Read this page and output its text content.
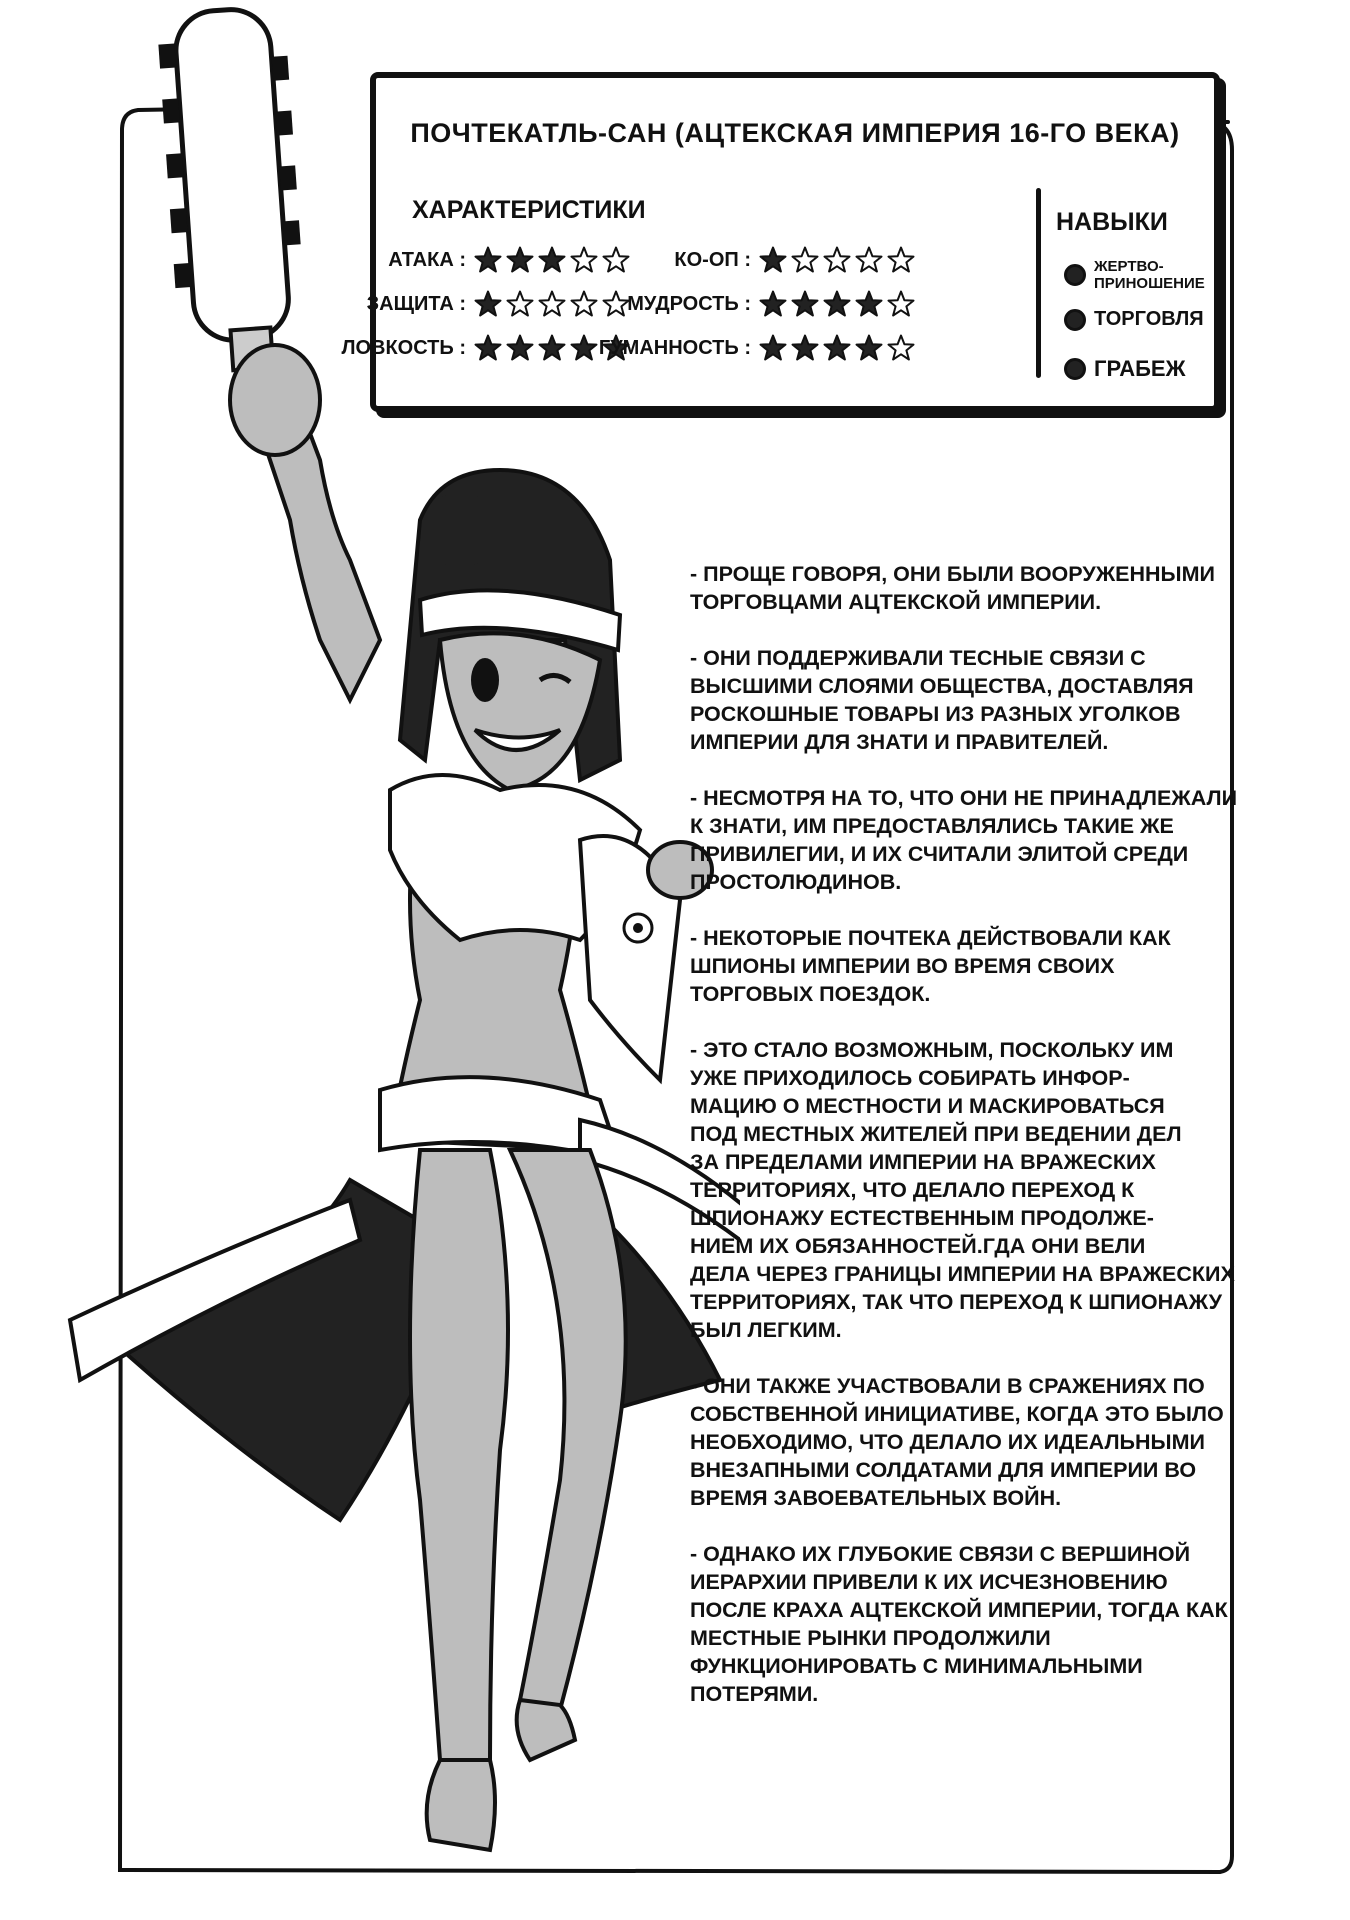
ПОЧТЕКАТЛЬ-САН (АЦТЕКСКАЯ ИМПЕРИЯ 16-ГО ВЕКА)
ХАРАКТЕРИСТИКИ	НАВЫКИ
АТАКА :
ЗАЩИТА :
ЛОВКОСТЬ :
КО-ОП :
МУДРОСТЬ :
ГУМАННОСТЬ :
ЖЕРТВО-
ПРИНОШЕНИЕ
ТОРГОВЛЯ
ГРАБЕЖ
- ПРОЩЕ ГОВОРЯ, ОНИ БЫЛИ ВООРУЖЕННЫМИ
ТОРГОВЦАМИ АЦТЕКСКОЙ ИМПЕРИИ.
- ОНИ ПОДДЕРЖИВАЛИ ТЕСНЫЕ СВЯЗИ С
ВЫСШИМИ СЛОЯМИ ОБЩЕСТВА, ДОСТАВЛЯЯ
РОСКОШНЫЕ ТОВАРЫ ИЗ РАЗНЫХ УГОЛКОВ
ИМПЕРИИ ДЛЯ ЗНАТИ И ПРАВИТЕЛЕЙ.
- НЕСМОТРЯ НА ТО, ЧТО ОНИ НЕ ПРИНАДЛЕЖАЛИ
К ЗНАТИ, ИМ ПРЕДОСТАВЛЯЛИСЬ ТАКИЕ ЖЕ
ПРИВИЛЕГИИ, И ИХ СЧИТАЛИ ЭЛИТОЙ СРЕДИ
ПРОСТОЛЮДИНОВ.
- НЕКОТОРЫЕ ПОЧТЕКА ДЕЙСТВОВАЛИ КАК
ШПИОНЫ ИМПЕРИИ ВО ВРЕМЯ СВОИХ
ТОРГОВЫХ ПОЕЗДОК.
- ЭТО СТАЛО ВОЗМОЖНЫМ, ПОСКОЛЬКУ ИМ
УЖЕ ПРИХОДИЛОСЬ СОБИРАТЬ ИНФОР-
МАЦИЮ О МЕСТНОСТИ И МАСКИРОВАТЬСЯ
ПОД МЕСТНЫХ ЖИТЕЛЕЙ ПРИ ВЕДЕНИИ ДЕЛ
ЗА ПРЕДЕЛАМИ ИМПЕРИИ НА ВРАЖЕСКИХ
ТЕРРИТОРИЯХ, ЧТО ДЕЛАЛО ПЕРЕХОД К
ШПИОНАЖУ ЕСТЕСТВЕННЫМ ПРОДОЛЖЕ-
НИЕМ ИХ ОБЯЗАННОСТЕЙ.ГДА ОНИ ВЕЛИ
ДЕЛА ЧЕРЕЗ ГРАНИЦЫ ИМПЕРИИ НА ВРАЖЕСКИХ
ТЕРРИТОРИЯХ, ТАК ЧТО ПЕРЕХОД К ШПИОНАЖУ
БЫЛ ЛЕГКИМ.
- ОНИ ТАКЖЕ УЧАСТВОВАЛИ В СРАЖЕНИЯХ ПО
СОБСТВЕННОЙ ИНИЦИАТИВЕ, КОГДА ЭТО БЫЛО
НЕОБХОДИМО, ЧТО ДЕЛАЛО ИХ ИДЕАЛЬНЫМИ
ВНЕЗАПНЫМИ СОЛДАТАМИ ДЛЯ ИМПЕРИИ ВО
ВРЕМЯ ЗАВОЕВАТЕЛЬНЫХ ВОЙН.
- ОДНАКО ИХ ГЛУБОКИЕ СВЯЗИ С ВЕРШИНОЙ
ИЕРАРХИИ ПРИВЕЛИ К ИХ ИСЧЕЗНОВЕНИЮ
ПОСЛЕ КРАХА АЦТЕКСКОЙ ИМПЕРИИ, ТОГДА КАК
МЕСТНЫЕ РЫНКИ ПРОДОЛЖИЛИ
ФУНКЦИОНИРОВАТЬ С МИНИМАЛЬНЫМИ
ПОТЕРЯМИ.
